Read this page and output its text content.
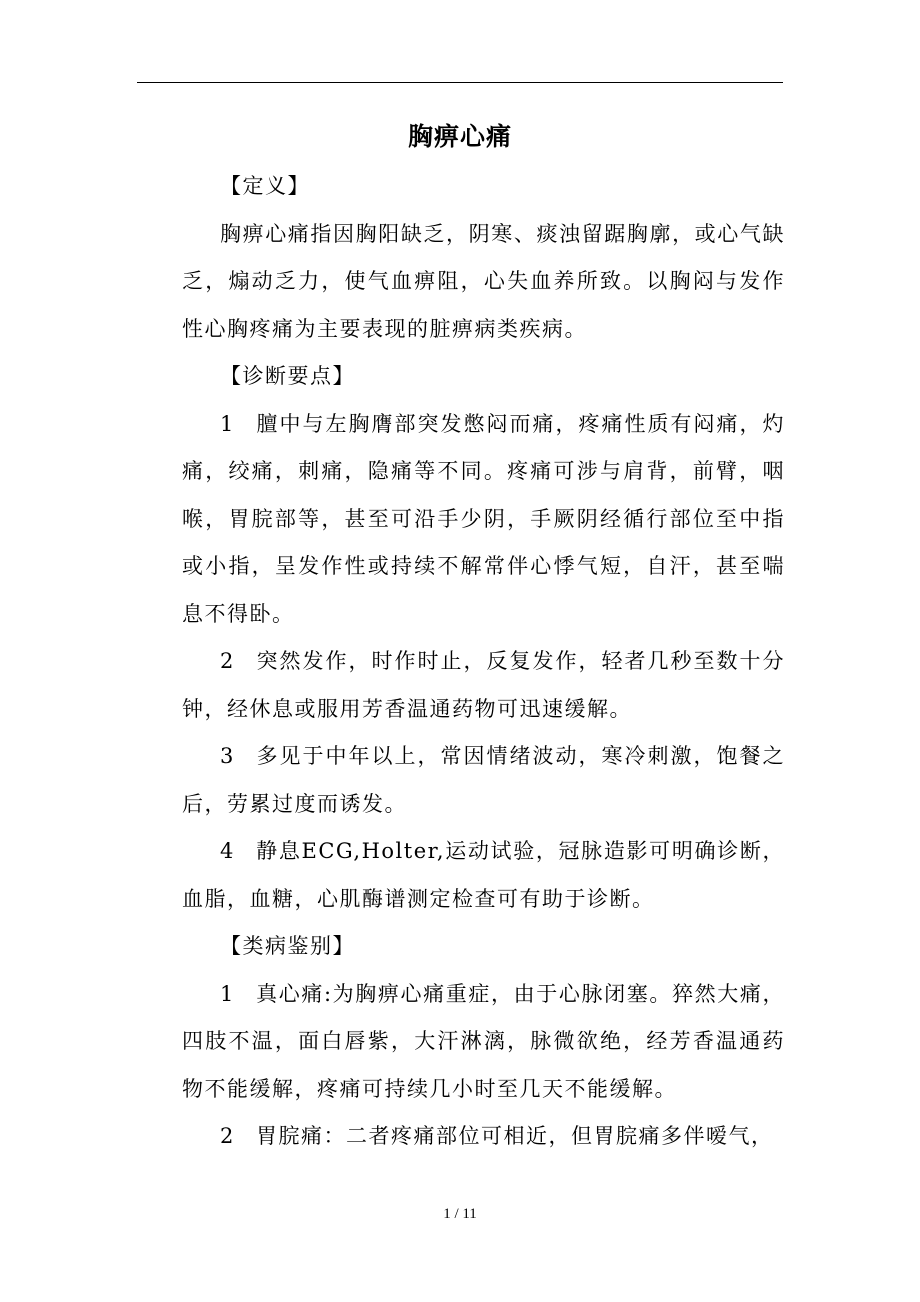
胸痹心痛

【定义】

胸痹心痛指因胸阳缺乏，阴寒、痰浊留踞胸廓，或心气缺乏，煽动乏力，使气血痹阻，心失血养所致。以胸闷与发作性心胸疼痛为主要表现的脏痹病类疾病。

【诊断要点】

1 膻中与左胸膺部突发憋闷而痛，疼痛性质有闷痛，灼痛，绞痛，刺痛，隐痛等不同。疼痛可涉与肩背，前臂，咽喉，胃脘部等，甚至可沿手少阴，手厥阴经循行部位至中指或小指，呈发作性或持续不解常伴心悸气短，自汗，甚至喘息不得卧。

2 突然发作，时作时止，反复发作，轻者几秒至数十分钟，经休息或服用芳香温通药物可迅速缓解。

3 多见于中年以上，常因情绪波动，寒冷刺激，饱餐之后，劳累过度而诱发。

4 静息ECG,Holter,运动试验，冠脉造影可明确诊断，血脂，血糖，心肌酶谱测定检查可有助于诊断。

【类病鉴别】

1 真心痛:为胸痹心痛重症，由于心脉闭塞。猝然大痛，四肢不温，面白唇紫，大汗淋漓，脉微欲绝，经芳香温通药物不能缓解，疼痛可持续几小时至几天不能缓解。

2 胃脘痛：二者疼痛部位可相近，但胃脘痛多伴嗳气，

1 / 11
